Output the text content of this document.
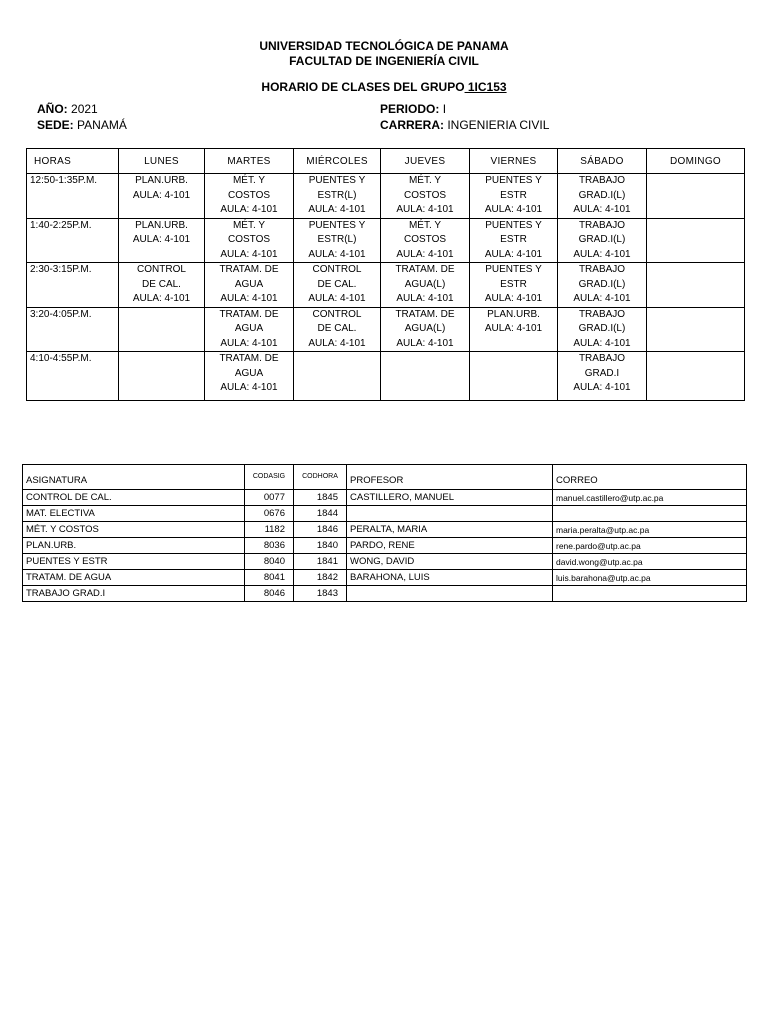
UNIVERSIDAD TECNOLÓGICA DE PANAMA
FACULTAD DE INGENIERÍA CIVIL
HORARIO DE CLASES DEL GRUPO 1IC153
AÑO: 2021
SEDE: PANAMÁ
PERIODO: I
CARRERA: INGENIERIA CIVIL
HORAS	LUNES	MARTES	MIÉRCOLES	JUEVES	VIERNES	SÁBADO	DOMINGO
12:50-1:35P.M.	PLAN.URB.
AULA: 4-101	MÉT. Y
COSTOS
AULA: 4-101	PUENTES Y
ESTR(L)
AULA: 4-101	MÉT. Y
COSTOS
AULA: 4-101	PUENTES Y
ESTR
AULA: 4-101	TRABAJO
GRAD.I(L)
AULA: 4-101	

1:40-2:25P.M.	PLAN.URB.
AULA: 4-101	MÉT. Y
COSTOS
AULA: 4-101	PUENTES Y
ESTR(L)
AULA: 4-101	MÉT. Y
COSTOS
AULA: 4-101	PUENTES Y
ESTR
AULA: 4-101	TRABAJO
GRAD.I(L)
AULA: 4-101	

2:30-3:15P.M.	CONTROL
DE CAL.
AULA: 4-101	TRATAM. DE
AGUA
AULA: 4-101	CONTROL
DE CAL.
AULA: 4-101	TRATAM. DE
AGUA(L)
AULA: 4-101	PUENTES Y
ESTR
AULA: 4-101	TRABAJO
GRAD.I(L)
AULA: 4-101	

3:20-4:05P.M.		TRATAM. DE
AGUA
AULA: 4-101	CONTROL
DE CAL.
AULA: 4-101	TRATAM. DE
AGUA(L)
AULA: 4-101	PLAN.URB.
AULA: 4-101	TRABAJO
GRAD.I(L)
AULA: 4-101	

4:10-4:55P.M.		TRATAM. DE
AGUA
AULA: 4-101				TRABAJO
GRAD.I
AULA: 4-101	

ASIGNATURA	CODASIG	CODHORA	PROFESOR	CORREO
CONTROL DE CAL.	0077	1845	CASTILLERO, MANUEL	manuel.castillero@utp.ac.pa
MAT. ELECTIVA	0676	1844		
MÉT. Y COSTOS	1182	1846	PERALTA, MARIA	maria.peralta@utp.ac.pa
PLAN.URB.	8036	1840	PARDO, RENE	rene.pardo@utp.ac.pa
PUENTES Y ESTR	8040	1841	WONG, DAVID	david.wong@utp.ac.pa
TRATAM. DE AGUA	8041	1842	BARAHONA, LUIS	luis.barahona@utp.ac.pa
TRABAJO GRAD.I	8046	1843		
